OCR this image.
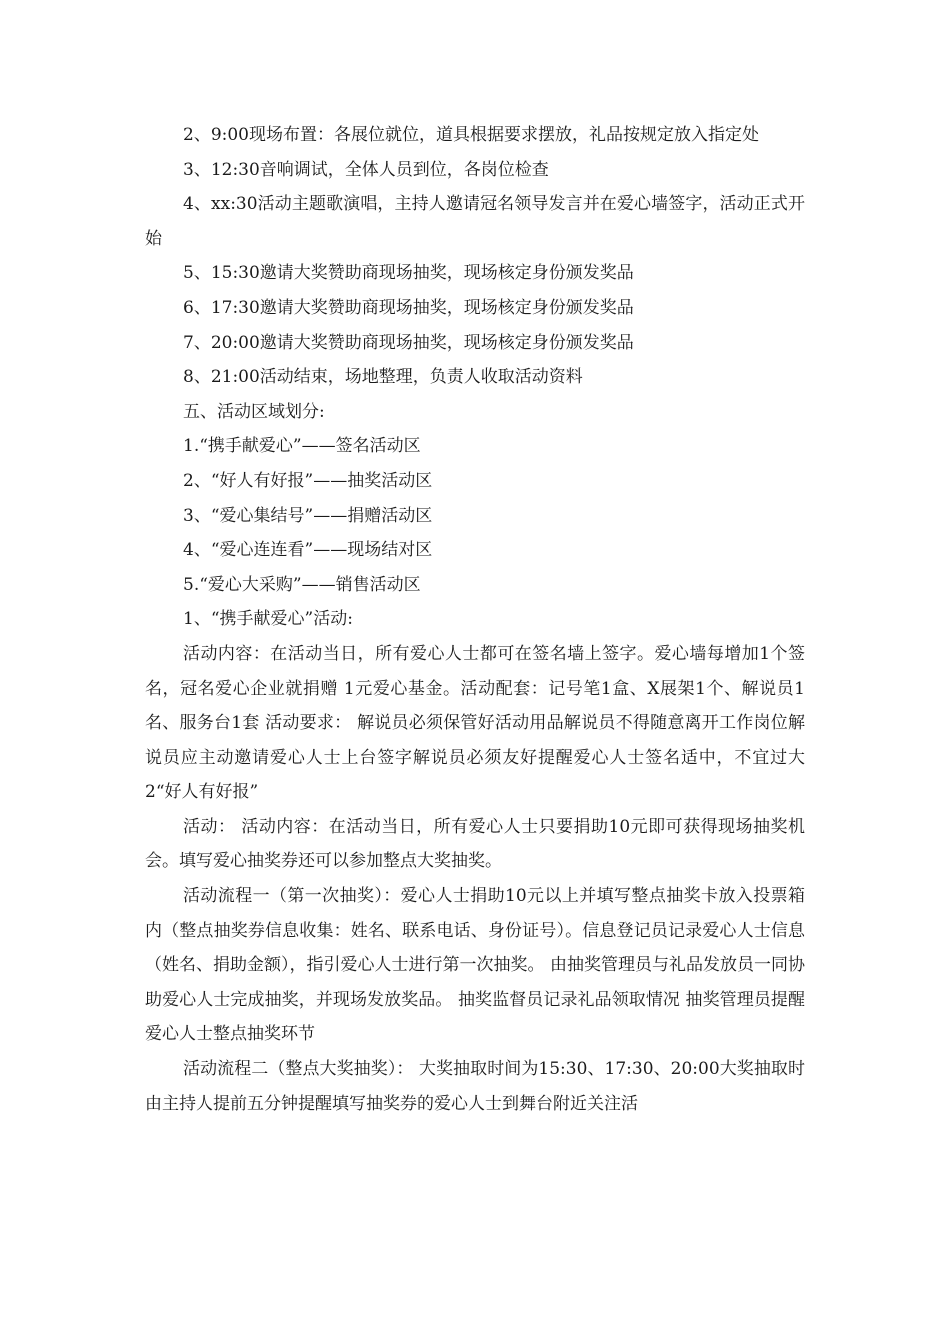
2、9:00现场布置：各展位就位，道具根据要求摆放，礼品按规定放入指定处

3、12:30音响调试，全体人员到位，各岗位检查

4、xx:30活动主题歌演唱，主持人邀请冠名领导发言并在爱心墙签字，活动正式开始

5、15:30邀请大奖赞助商现场抽奖，现场核定身份颁发奖品

6、17:30邀请大奖赞助商现场抽奖，现场核定身份颁发奖品

7、20:00邀请大奖赞助商现场抽奖，现场核定身份颁发奖品

8、21:00活动结束，场地整理，负责人收取活动资料

五、活动区域划分:

1.“携手献爱心”——签名活动区

2、“好人有好报”——抽奖活动区

3、“爱心集结号”——捐赠活动区

4、“爱心连连看”——现场结对区

5.“爱心大采购”——销售活动区

1、“携手献爱心”活动:

活动内容：在活动当日，所有爱心人士都可在签名墙上签字。爱心墙每增加1个签名，冠名爱心企业就捐赠 1元爱心基金。活动配套：记号笔1盒、X展架1个、解说员1名、服务台1套 活动要求： 解说员必须保管好活动用品解说员不得随意离开工作岗位解说员应主动邀请爱心人士上台签字解说员必须友好提醒爱心人士签名适中，不宜过大 2“好人有好报”

活动： 活动内容：在活动当日，所有爱心人士只要捐助10元即可获得现场抽奖机会。填写爱心抽奖券还可以参加整点大奖抽奖。

活动流程一（第一次抽奖）：爱心人士捐助10元以上并填写整点抽奖卡放入投票箱内（整点抽奖券信息收集：姓名、联系电话、身份证号）。信息登记员记录爱心人士信息（姓名、捐助金额），指引爱心人士进行第一次抽奖。 由抽奖管理员与礼品发放员一同协助爱心人士完成抽奖，并现场发放奖品。 抽奖监督员记录礼品领取情况 抽奖管理员提醒爱心人士整点抽奖环节

活动流程二（整点大奖抽奖）： 大奖抽取时间为15:30、17:30、20:00大奖抽取时由主持人提前五分钟提醒填写抽奖券的爱心人士到舞台附近关注活
